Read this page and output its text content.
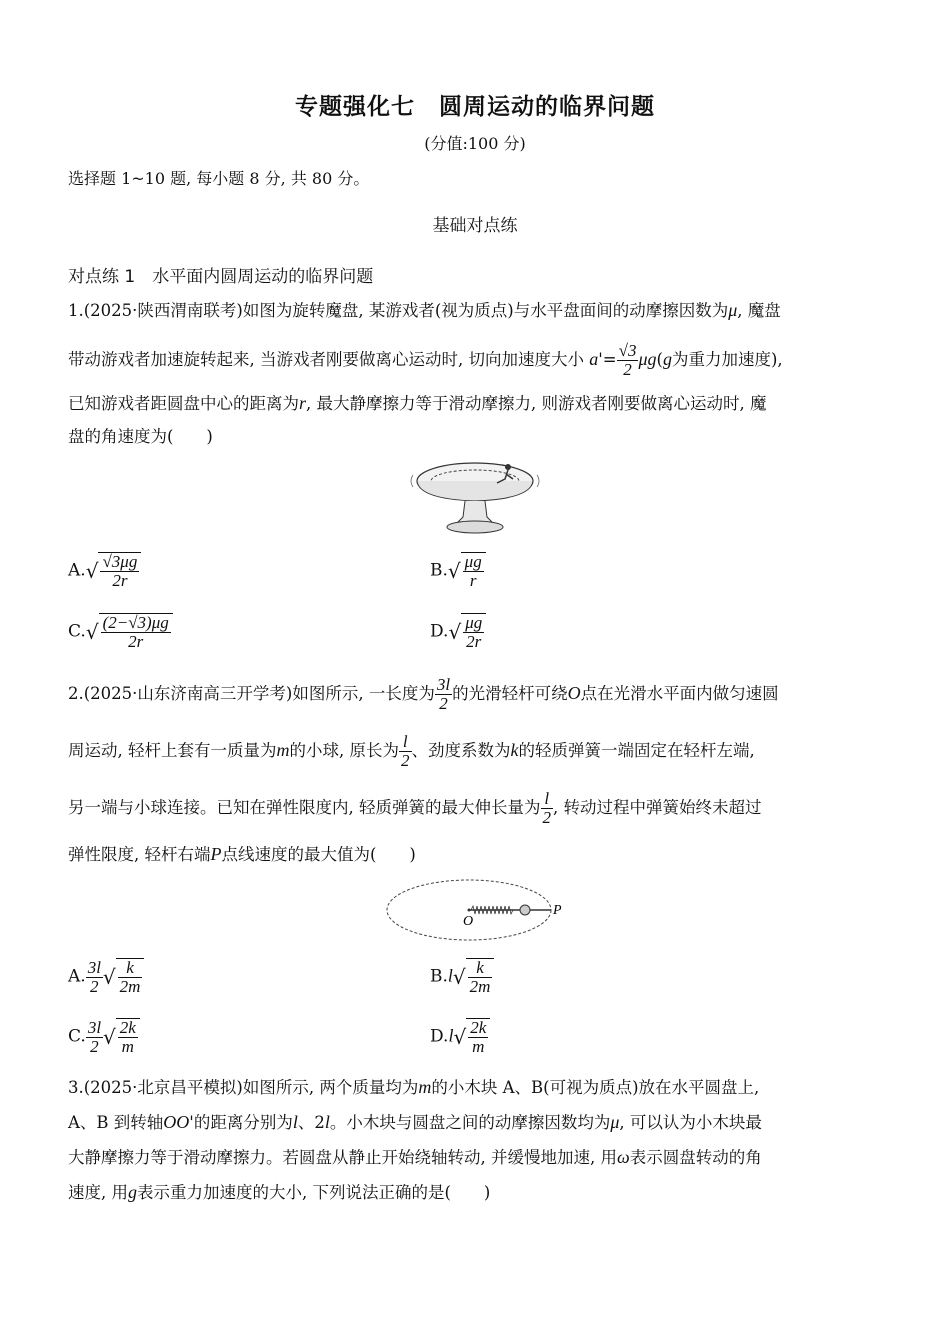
专题强化七　圆周运动的临界问题
(分值:100 分)
选择题 1~10 题, 每小题 8 分, 共 80 分。
基础对点练
对点练 1　水平面内圆周运动的临界问题
1.(2025·陕西渭南联考)如图为旋转魔盘, 某游戏者(视为质点)与水平盘面间的动摩擦因数为μ, 魔盘
带动游戏者加速旋转起来, 当游戏者刚要做离心运动时, 切向加速度大小 $a'= \frac{√3}{2} \mu g(g$为重力加速度),
已知游戏者距圆盘中心的距离为r, 最大静摩擦力等于滑动摩擦力, 则游戏者刚要做离心运动时, 魔
盘的角速度为(　　)
$A.√ \frac{√3\mu g}{2r}$	$B.√ \frac{\mu g}{r}$
$C.√ \frac{(2-√3)\mu g}{2r}$	$D.√ \frac{\mu g}{2r}$
2.(2025·山东济南高三开学考)如图所示, 一长度为 $\frac{3l}{2}$ 的光滑轻杆可绕O点在光滑水平面内做匀速圆
周运动, 轻杆上套有一质量为m的小球, 原长为 $\frac{l}{2}$ 、劲度系数为k的轻质弹簧一端固定在轻杆左端,
另一端与小球连接。已知在弹性限度内, 轻质弹簧的最大伸长量为 $\frac{l}{2}$ , 转动过程中弹簧始终未超过
弹性限度, 轻杆右端P点线速度的最大值为(　　)
O
P
A. $\frac{3l}{2}$ √ $\frac{k}{2m}$	$B.l√ \frac{k}{2m}$
C. $\frac{3l}{2}$ √ $\frac{2k}{m}$	$D.l√ \frac{2k}{m}$
3.(2025·北京昌平模拟)如图所示, 两个质量均为m的小木块 A、B(可视为质点)放在水平圆盘上,
A、B 到转轴OO'的距离分别为l、2l。小木块与圆盘之间的动摩擦因数均为μ, 可以认为小木块最
大静摩擦力等于滑动摩擦力。若圆盘从静止开始绕轴转动, 并缓慢地加速, 用ω表示圆盘转动的角
速度, 用g表示重力加速度的大小, 下列说法正确的是(　　)
